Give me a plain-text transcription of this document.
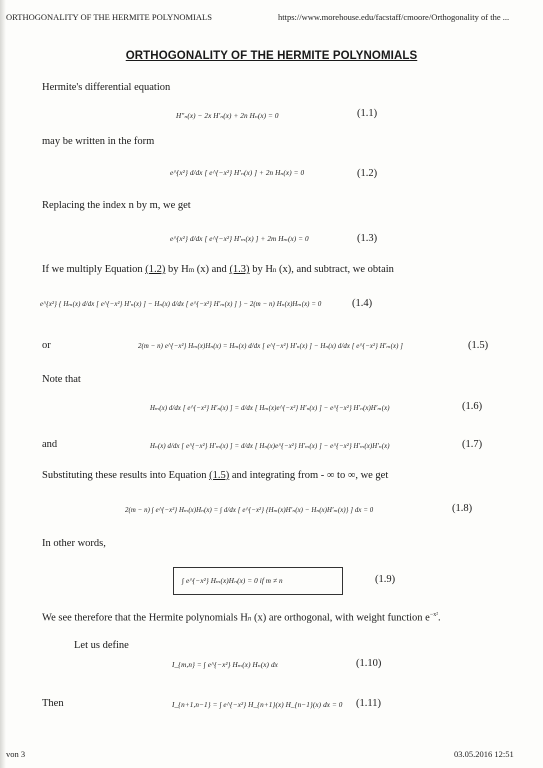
ORTHOGONALITY OF THE HERMITE POLYNOMIALS	https://www.morehouse.edu/facstaff/cmoore/Orthogonality of the ...
ORTHOGONALITY OF THE HERMITE POLYNOMIALS
Hermite's differential equation
H″ₙ(x) − 2x H′ₙ(x) + 2n Hₙ(x) = 0	(1.1)
may be written in the form
e^{x²} d/dx [ e^{−x²} H′ₙ(x) ] + 2n Hₙ(x) = 0	(1.2)
Replacing the index n by m, we get
e^{x²} d/dx [ e^{−x²} H′ₘ(x) ] + 2m Hₘ(x) = 0	(1.3)
If we multiply Equation (1.2) by Hm (x) and (1.3) by Hn (x), and subtract, we obtain
e^{x²} { Hₘ(x) d/dx [ e^{−x²} H′ₙ(x) ] − Hₙ(x) d/dx [ e^{−x²} H′ₘ(x) ] } − 2(m − n) Hₙ(x)Hₘ(x) = 0	(1.4)
or	2(m − n) e^{−x²} Hₘ(x)Hₙ(x) = Hₘ(x) d/dx [ e^{−x²} H′ₙ(x) ] − Hₙ(x) d/dx [ e^{−x²} H′ₘ(x) ]	(1.5)
Note that
Hₘ(x) d/dx [ e^{−x²} H′ₙ(x) ] = d/dx [ Hₘ(x)e^{−x²} H′ₙ(x) ] − e^{−x²} H′ₙ(x)H′ₘ(x)	(1.6)
and	Hₙ(x) d/dx [ e^{−x²} H′ₘ(x) ] = d/dx [ Hₙ(x)e^{−x²} H′ₘ(x) ] − e^{−x²} H′ₘ(x)H′ₙ(x)	(1.7)
Substituting these results into Equation (1.5) and integrating from - ∞ to ∞, we get
2(m − n) ∫ e^{−x²} Hₘ(x)Hₙ(x) = ∫ d/dx [ e^{−x²} {Hₘ(x)H′ₙ(x) − Hₙ(x)H′ₘ(x)} ] dx = 0	(1.8)
In other words,
∫ e^{−x²} Hₘ(x)Hₙ(x) = 0 if m ≠ n	(1.9)
We see therefore that the Hermite polynomials Hn (x) are orthogonal, with weight function $e^{-x^2}$.
Let us define
I_{m,n} = ∫ e^{−x²} Hₘ(x) Hₙ(x) dx	(1.10)
Then	I_{n+1,n−1} = ∫ e^{−x²} H_{n+1}(x) H_{n−1}(x) dx = 0 (1.11)
von 3	03.05.2016 12:51
